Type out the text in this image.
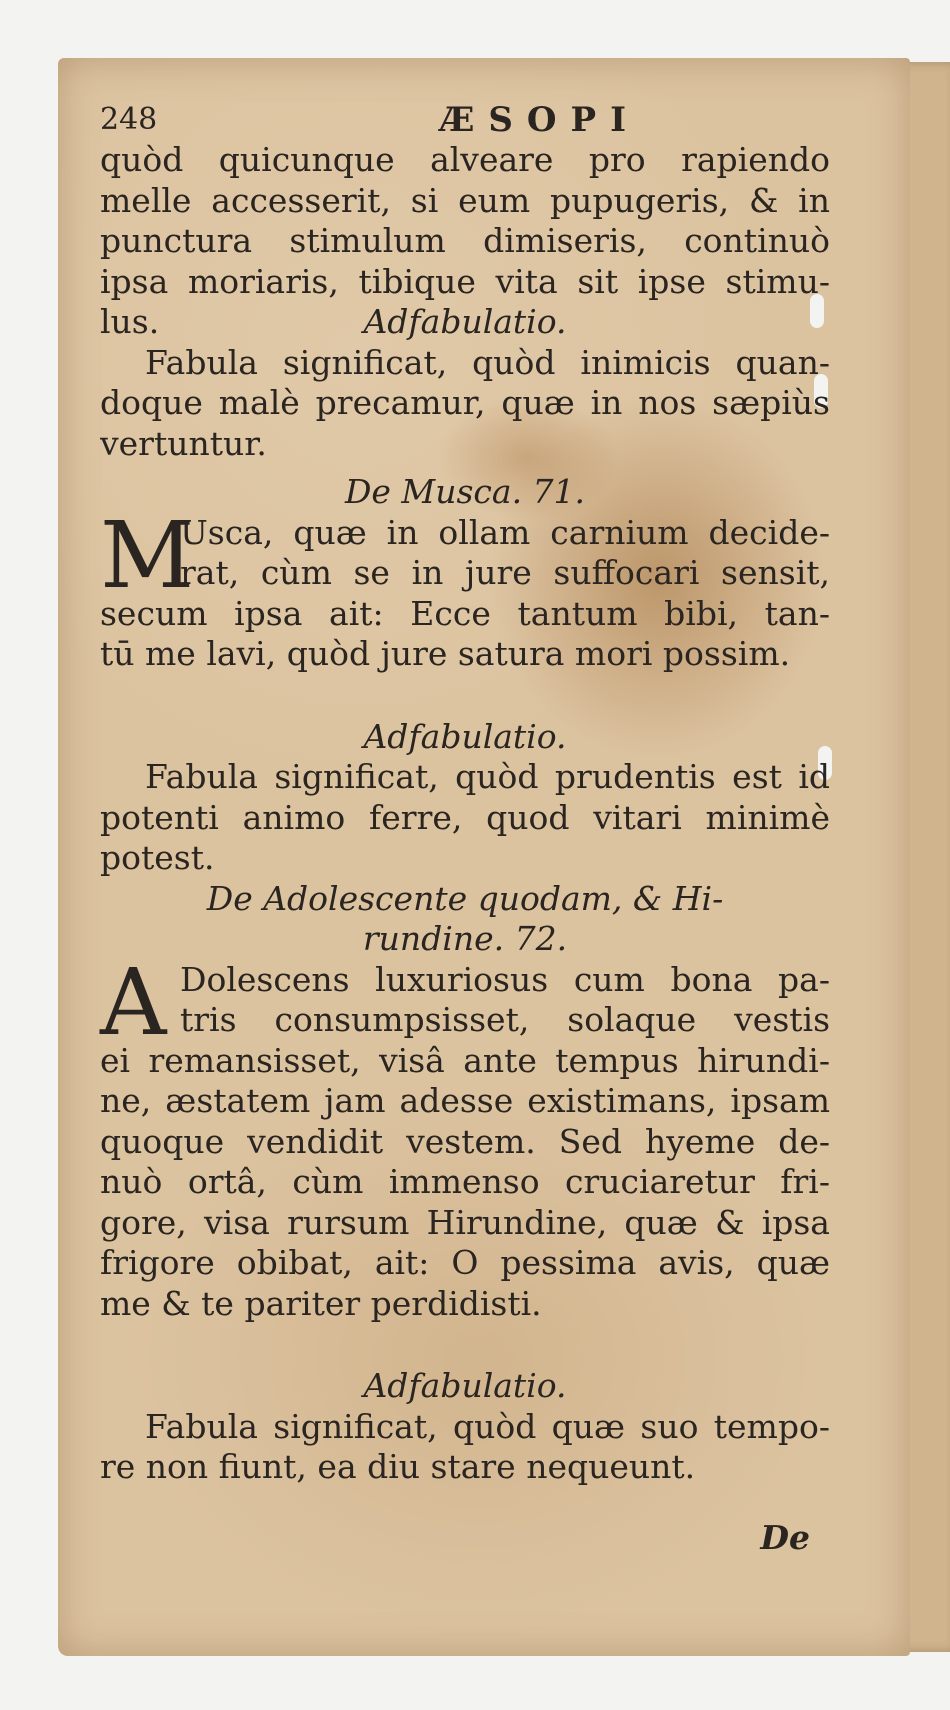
248	ÆSOPI
quòd quicunque alveare pro rapiendo
melle accesserit, si eum pupugeris, & in
punctura stimulum dimiseris, continuò
ipsa moriaris, tibique vita sit ipse stimu-
lus.	Adfabulatio.
Fabula significat, quòd inimicis quan-
doque malè precamur, quæ in nos sæpiùs
vertuntur.
De Musca. 71.
M
Usca, quæ in ollam carnium decide-
rat, cùm se in jure suffocari sensit,
secum ipsa ait: Ecce tantum bibi, tan-
tū me lavi, quòd jure satura mori possim.
Adfabulatio.
Fabula significat, quòd prudentis est id
potenti animo ferre, quod vitari minimè
potest.
De Adolescente quodam, & Hi-
rundine. 72.
A Dolescens luxuriosus cum bona pa-
tris consumpsisset, solaque vestis
ei remansisset, visâ ante tempus hirundi-
ne, æstatem jam adesse existimans, ipsam
quoque vendidit vestem. Sed hyeme de-
nuò ortâ, cùm immenso cruciaretur fri-
gore, visa rursum Hirundine, quæ & ipsa
frigore obibat, ait: O pessima avis, quæ
me & te pariter perdidisti.
Adfabulatio.
Fabula significat, quòd quæ suo tempo-
re non fiunt, ea diu stare nequeunt.
De
